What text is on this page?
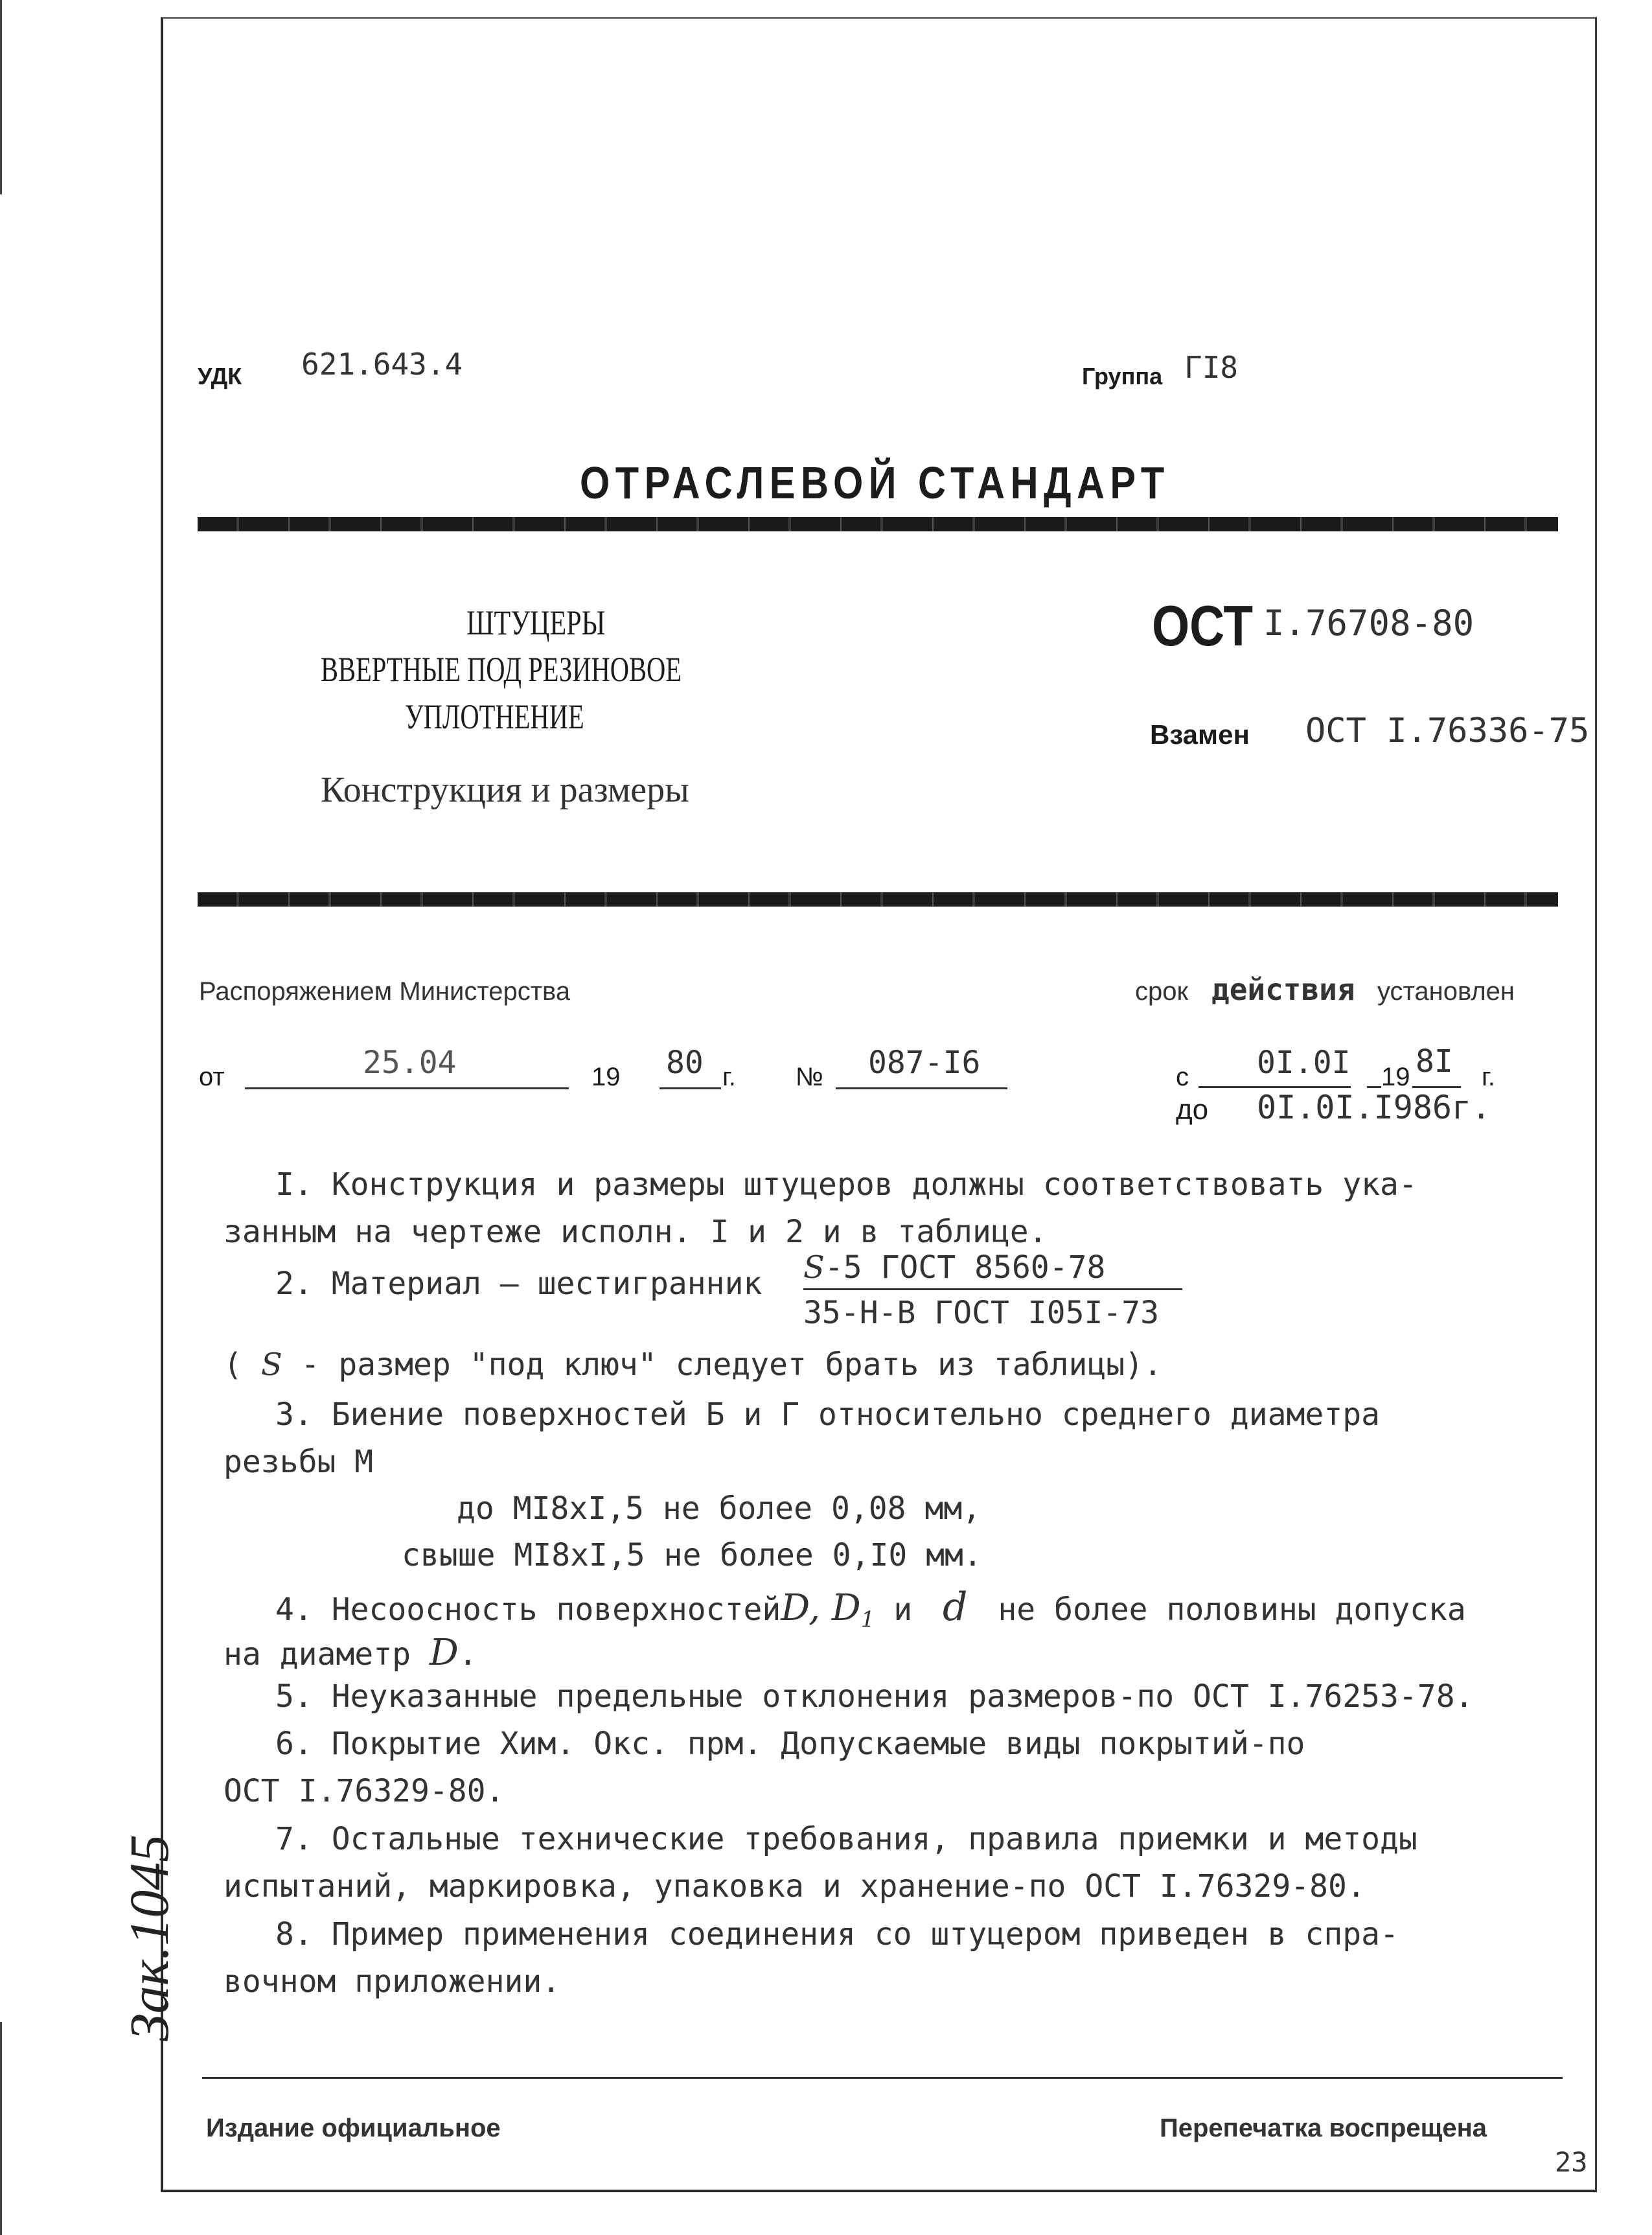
УДК 621.643.4	Группа ГI8
ОТРАСЛЕВОЙ СТАНДАРТ
ШТУЦЕРЫ
ВВЕРТНЫЕ ПОД РЕЗИНОВОЕ
УПЛОТНЕНИЕ
Конструкция и размеры
ОСТ I.76708-80
Взамен ОСТ I.76336-75
Распоряжением Министерства
от	25.04	19 80 г. № 087-I6
срок действия установлен
с 0I.0I 19 8I г.
до 0I.0I.I986г.
I. Конструкция и размеры штуцеров должны соответствовать ука-
занным на чертеже исполн. I и 2 и в таблице.
2. Материал — шестигранник S-5 ГОСТ 8560-78
35-Н-В ГОСТ I05I-73
( S - размер "под ключ" следует брать из таблицы).
3. Биение поверхностей Б и Г относительно среднего диаметра
резьбы М
до MI8xI,5 не более 0,08 мм,
свыше MI8xI,5 не более 0,I0 мм.
4. Несоосность поверхностейD, $D_1$ и d не более половины допуска
на диаметр D.
5. Неуказанные предельные отклонения размеров-по ОСТ I.76253-78.
6. Покрытие Хим. Окс. прм. Допускаемые виды покрытий-по
ОСТ I.76329-80.
7. Остальные технические требования, правила приемки и методы
испытаний, маркировка, упаковка и хранение-по ОСТ I.76329-80.
8. Пример применения соединения со штуцером приведен в спра-
вочном приложении.
Издание официальное	Перепечатка воспрещена
23
Зак.1045
